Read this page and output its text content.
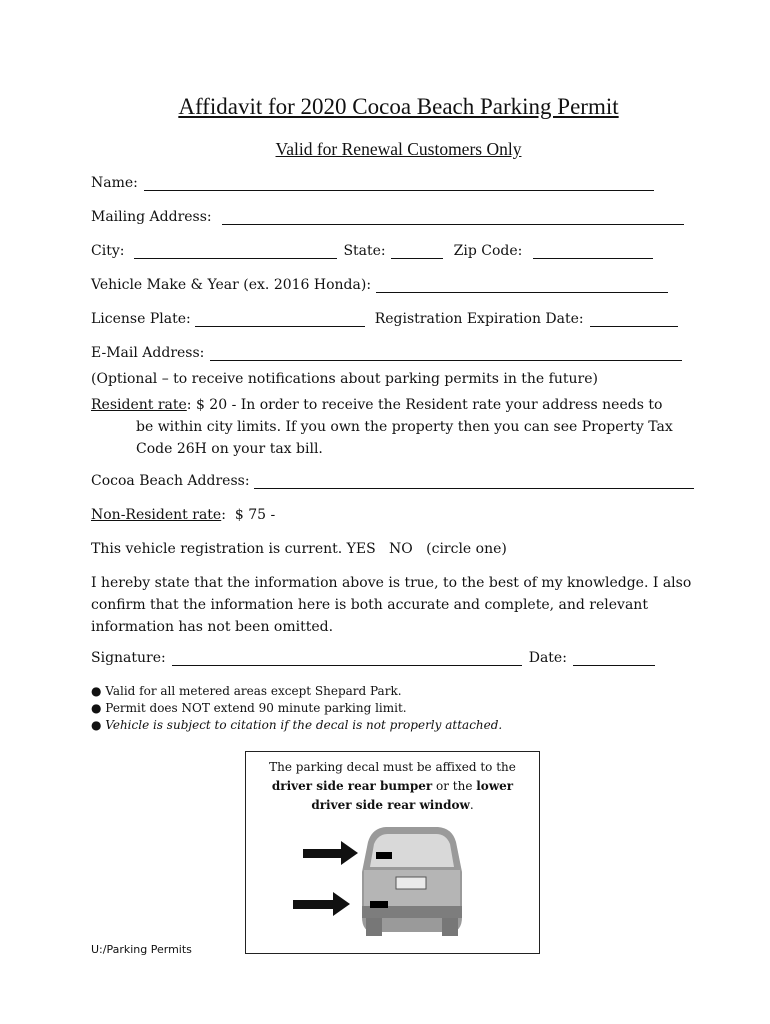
Affidavit for 2020 Cocoa Beach Parking Permit
Valid for Renewal Customers Only
Name:
Mailing Address:
City:	State:	Zip Code:
Vehicle Make & Year (ex. 2016 Honda):
License Plate:	Registration Expiration Date:
E-Mail Address:
(Optional – to receive notifications about parking permits in the future)
Resident rate: $ 20 - In order to receive the Resident rate your address needs to
be within city limits. If you own the property then you can see Property Tax
Code 26H on your tax bill.
Cocoa Beach Address:
Non-Resident rate :  $ 75 -
This vehicle registration is current. YES   NO   (circle one)
I hereby state that the information above is true, to the best of my knowledge. I also confirm that the information here is both accurate and complete, and relevant information has not been omitted.
Signature:	Date:
● Valid for all metered areas except Shepard Park.
● Permit does NOT extend 90 minute parking limit.
● Vehicle is subject to citation if the decal is not properly attached.
The parking decal must be affixed to the
driver side rear bumper or the lower
driver side rear window.
U:/Parking Permits
